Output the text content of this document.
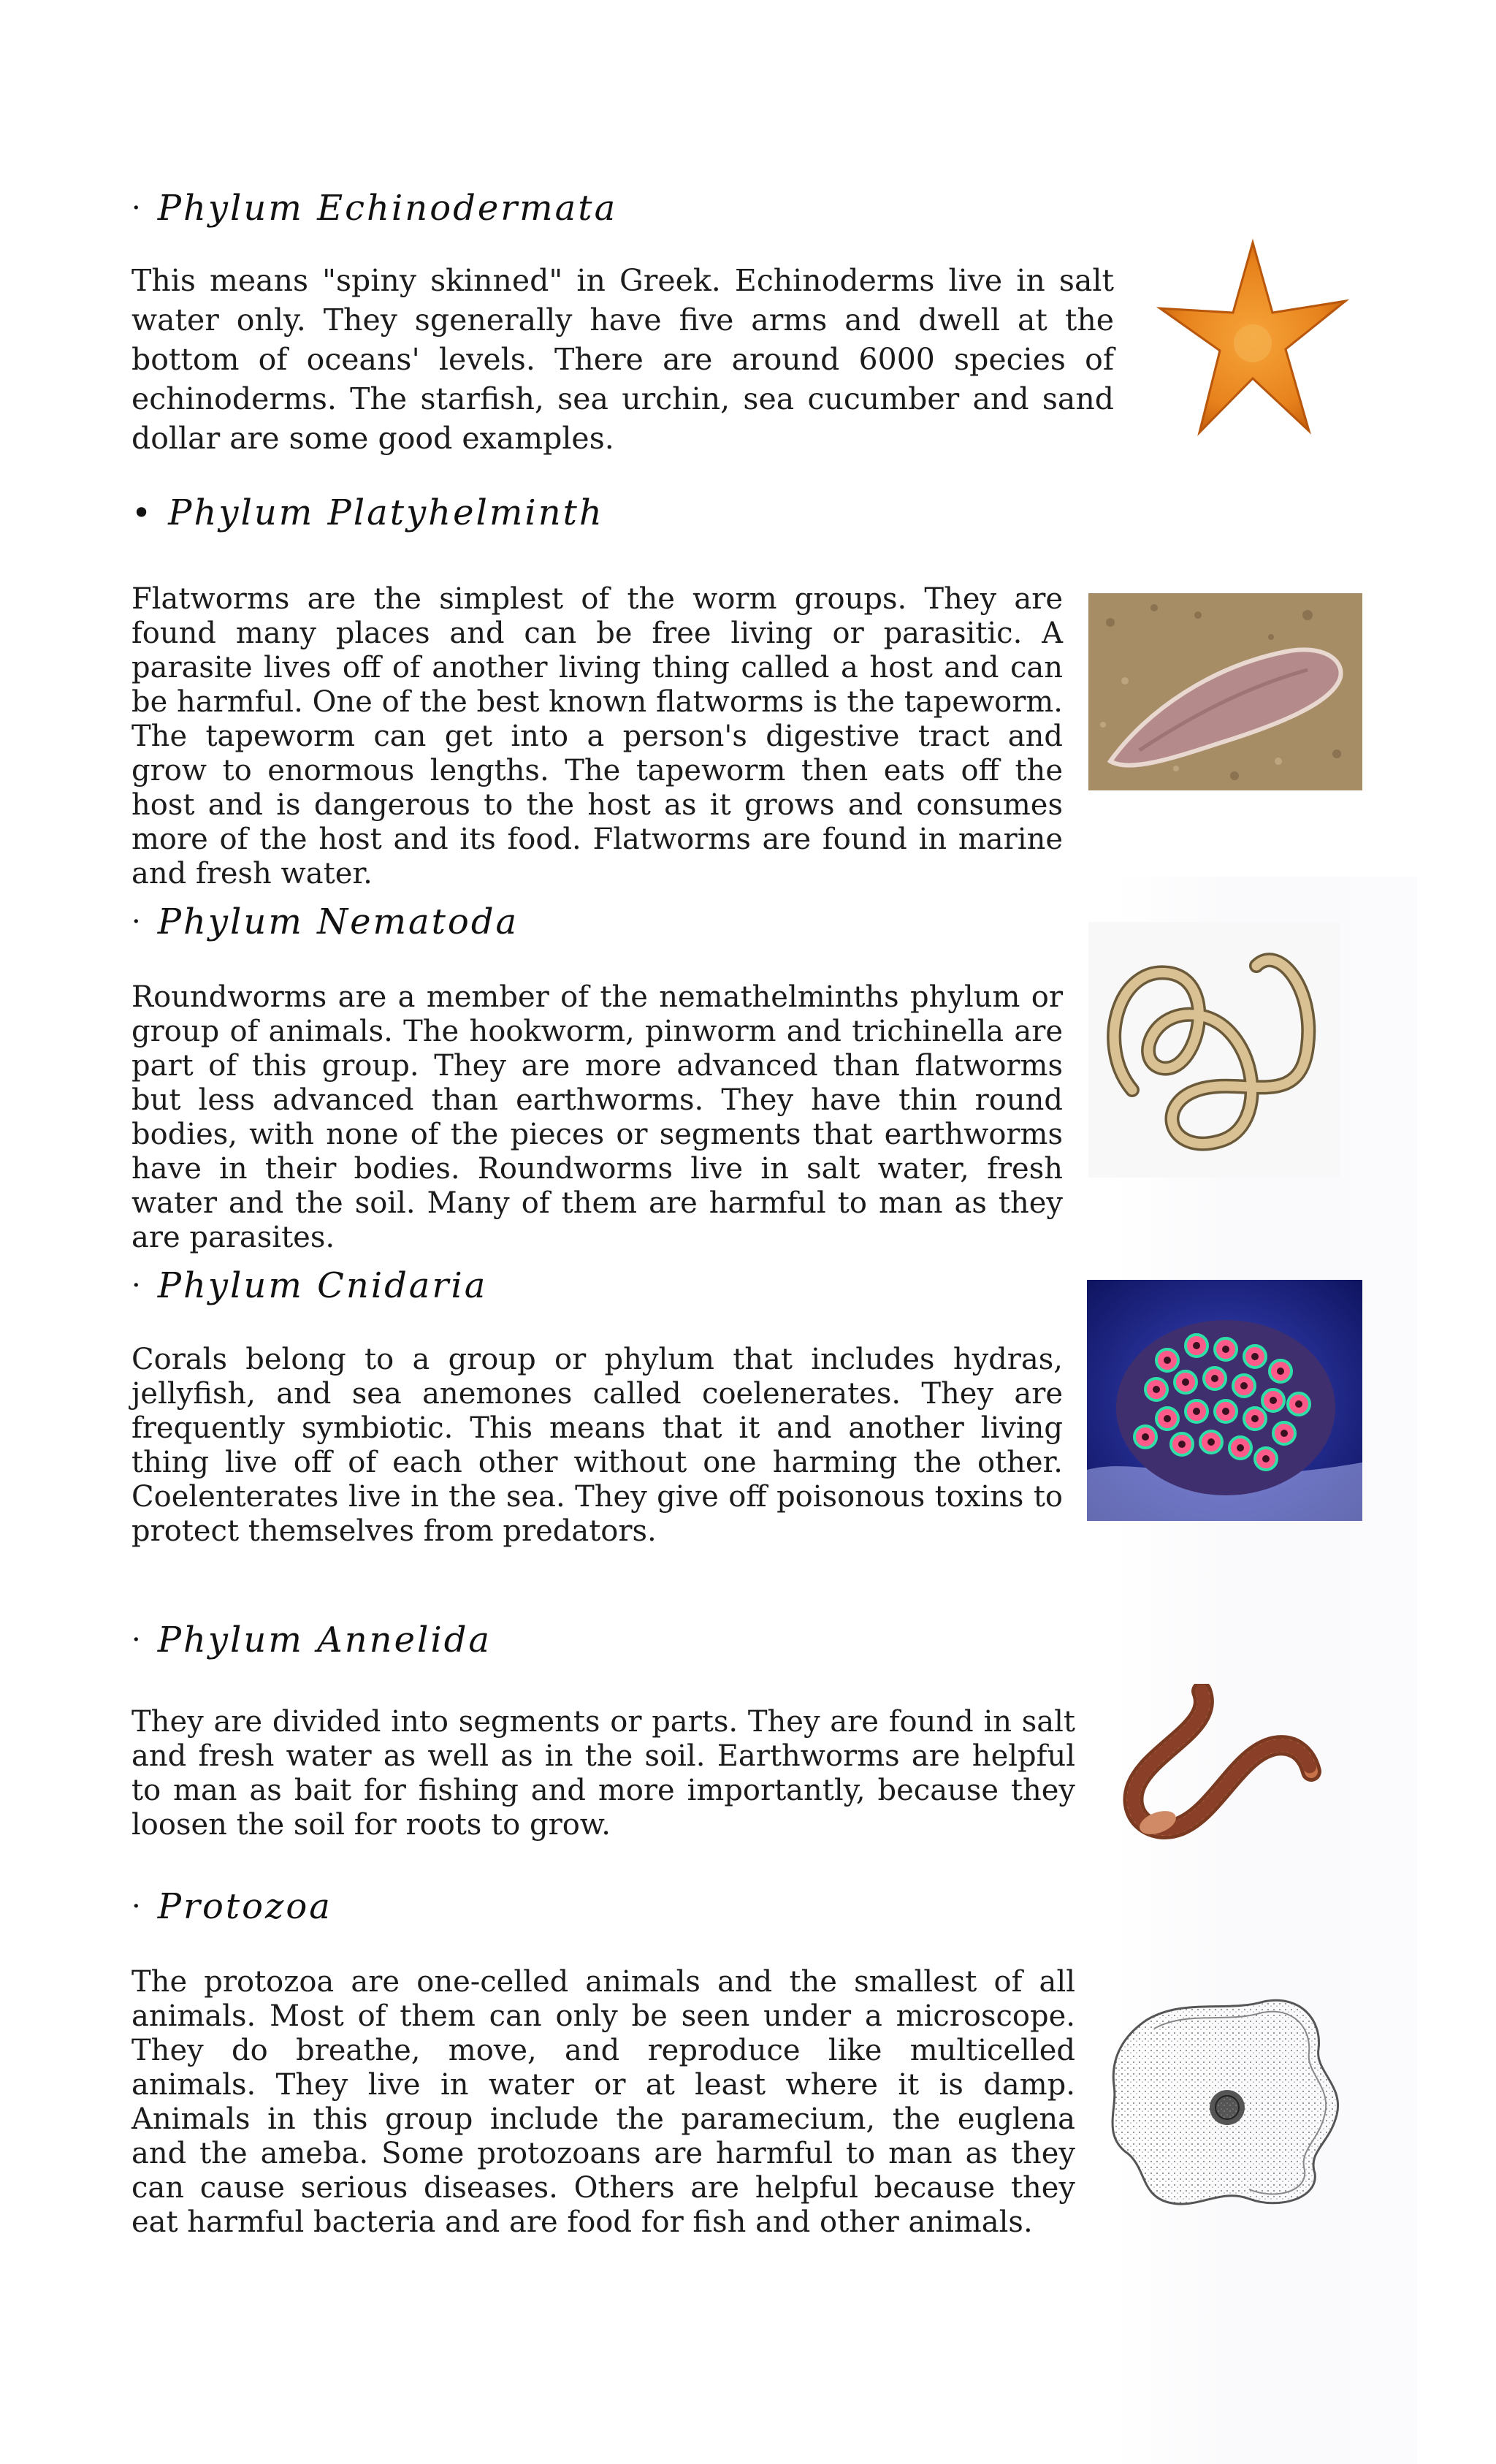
· Phylum Echinodermata

This means "spiny skinned" in Greek. Echinoderms live in salt water only. They sgenerally have five arms and dwell at the bottom of oceans' levels. There are around 6000 species of echinoderms. The starfish, sea urchin, sea cucumber and sand dollar are some good examples.

• Phylum Platyhelminth

Flatworms are the simplest of the worm groups. They are found many places and can be free living or parasitic. A parasite lives off of another living thing called a host and can be harmful. One of the best known flatworms is the tapeworm. The tapeworm can get into a person's digestive tract and grow to enormous lengths. The tapeworm then eats off the host and is dangerous to the host as it grows and consumes more of the host and its food. Flatworms are found in marine and fresh water.

· Phylum Nematoda

Roundworms are a member of the nemathelminths phylum or group of animals. The hookworm, pinworm and trichinella are part of this group. They are more advanced than flatworms but less advanced than earthworms. They have thin round bodies, with none of the pieces or segments that earthworms have in their bodies. Roundworms live in salt water, fresh water and the soil. Many of them are harmful to man as they are parasites.

· Phylum Cnidaria

Corals belong to a group or phylum that includes hydras, jellyfish, and sea anemones called coelenerates. They are frequently symbiotic. This means that it and another living thing live off of each other without one harming the other. Coelenterates live in the sea. They give off poisonous toxins to protect themselves from predators.

· Phylum Annelida

They are divided into segments or parts. They are found in salt and fresh water as well as in the soil. Earthworms are helpful to man as bait for fishing and more importantly, because they loosen the soil for roots to grow.

· Protozoa

The protozoa are one-celled animals and the smallest of all animals. Most of them can only be seen under a microscope. They do breathe, move, and reproduce like multicelled animals. They live in water or at least where it is damp. Animals in this group include the paramecium, the euglena and the ameba. Some protozoans are harmful to man as they can cause serious diseases. Others are helpful because they eat harmful bacteria and are food for fish and other animals.
